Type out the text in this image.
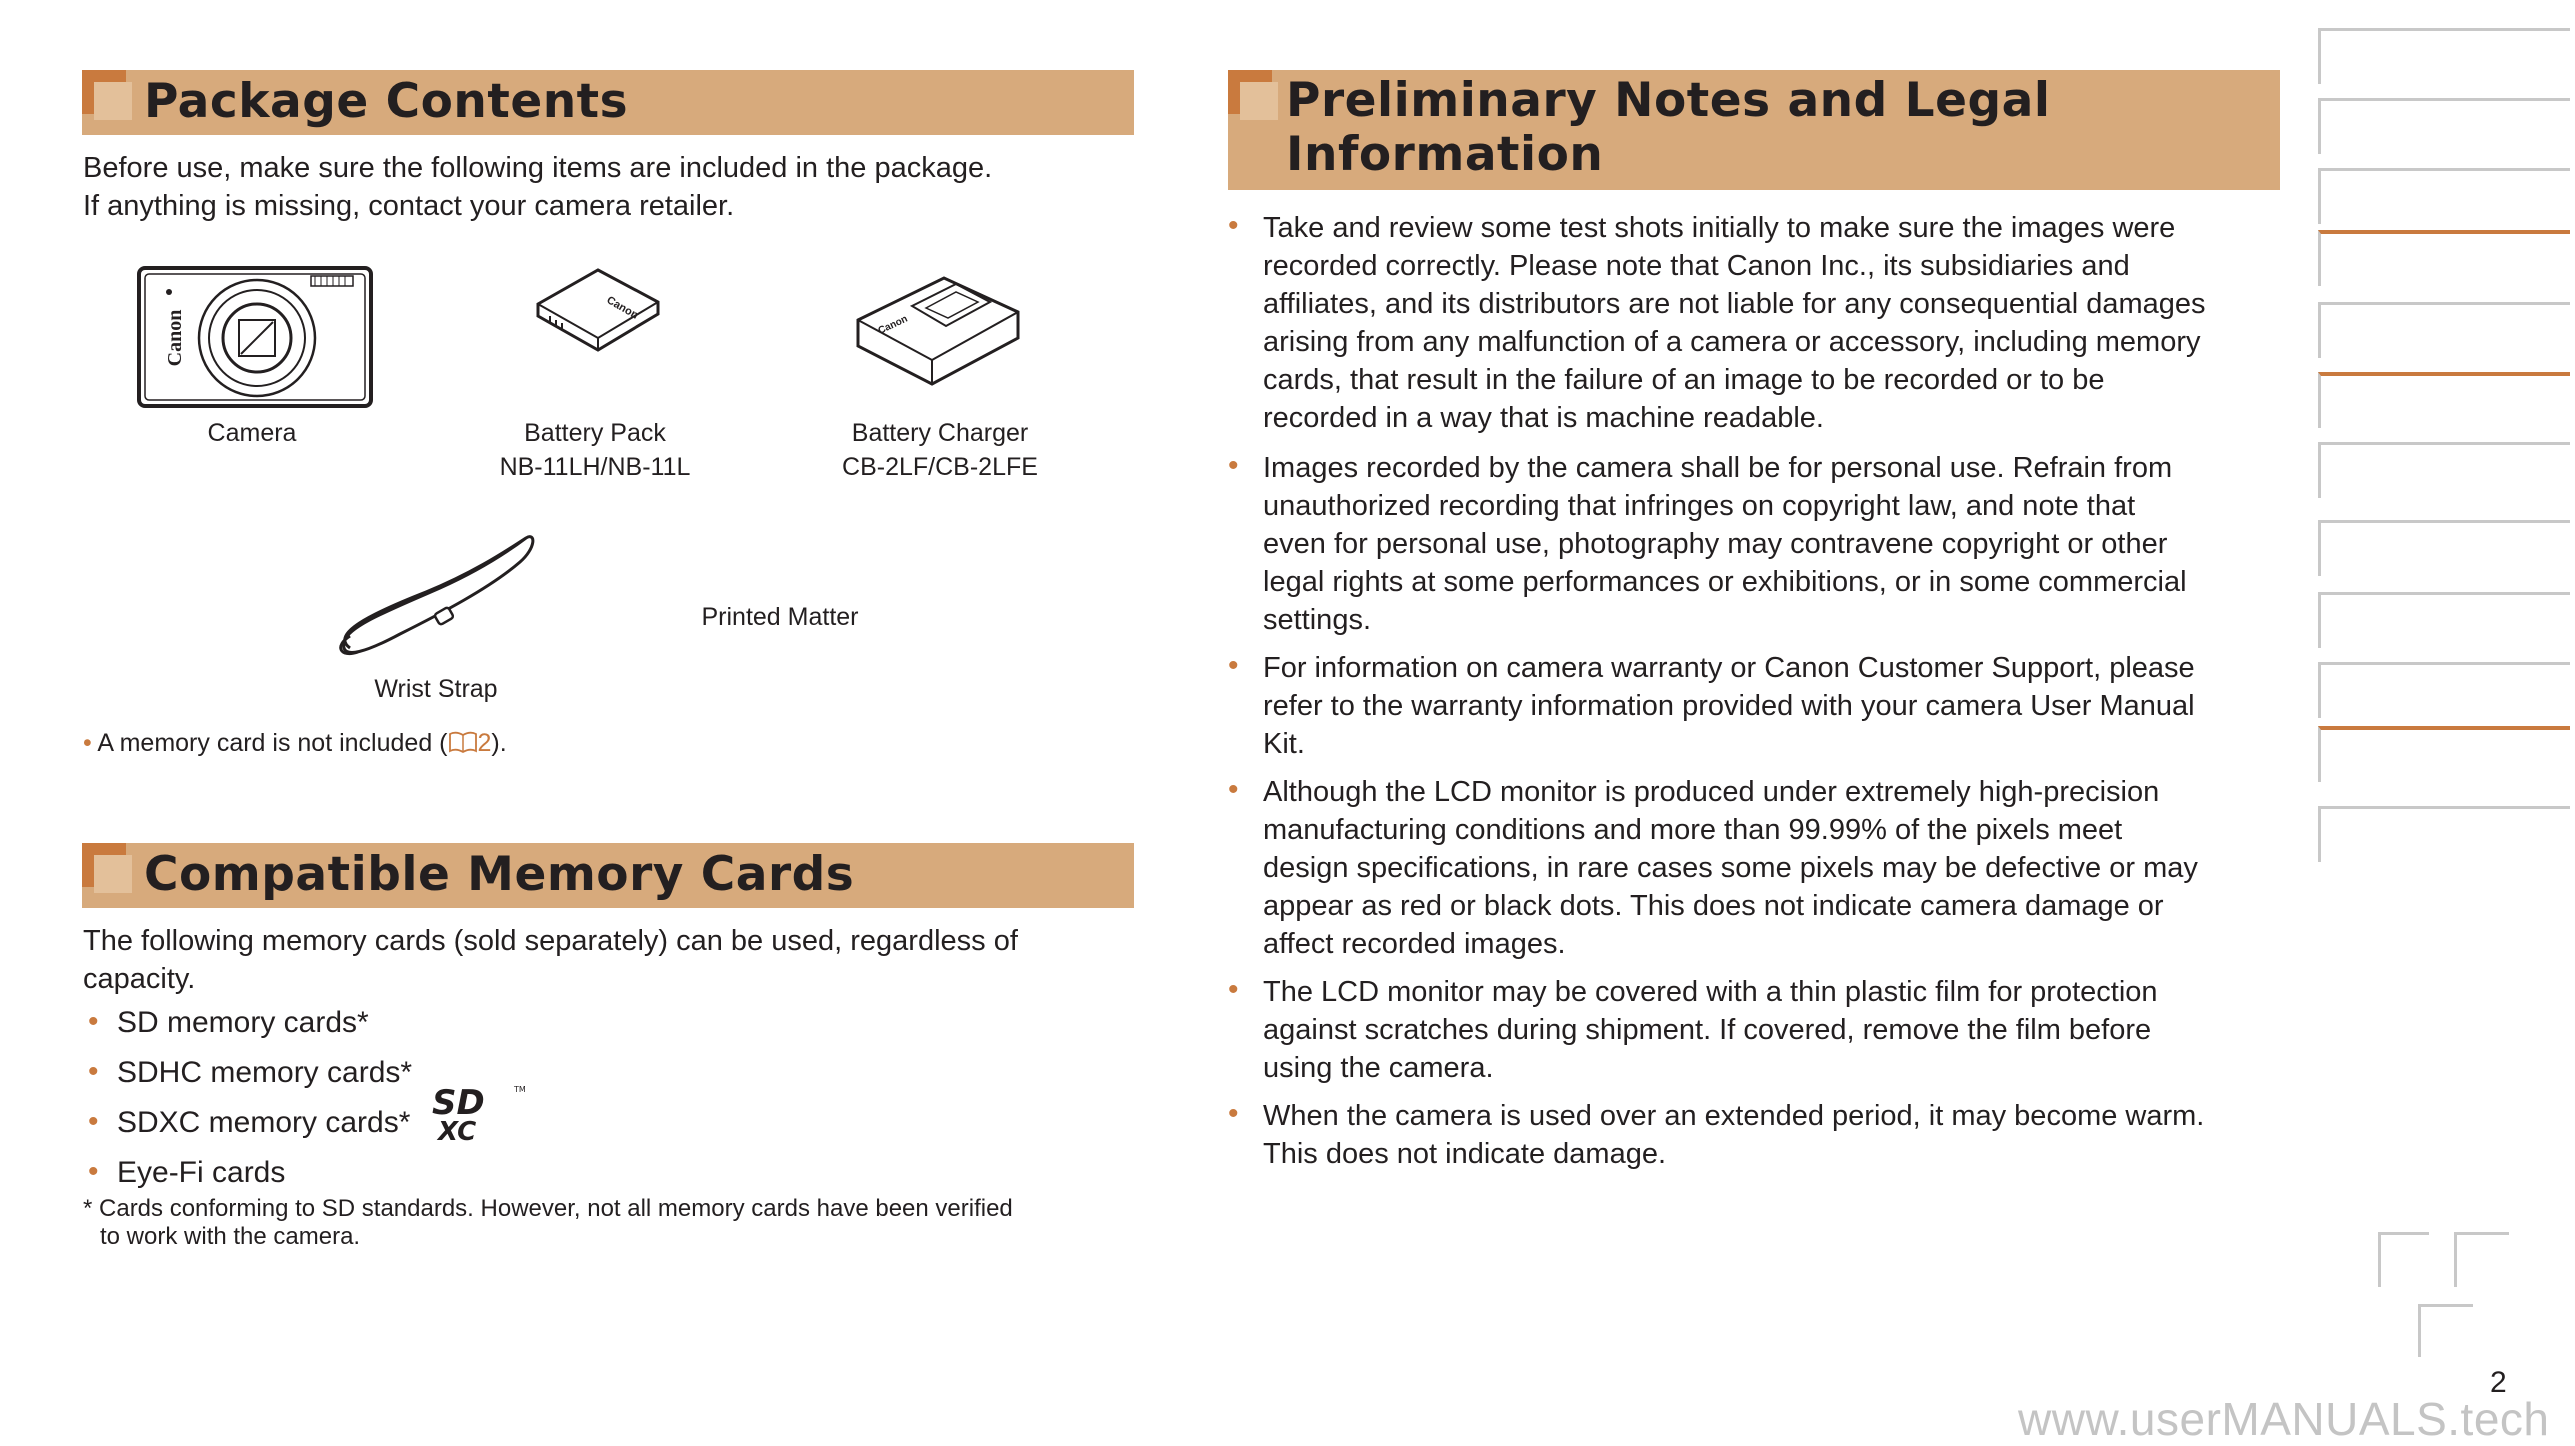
Package Contents
Before use, make sure the following items are included in the package.
If anything is missing, contact your camera retailer.
Canon
Camera
Canon
Battery Pack
NB-11LH/NB-11L
Canon
Battery Charger
CB-2LF/CB-2LFE
Wrist Strap
Printed Matter
• A memory card is not included ( 2).
Compatible Memory Cards
The following memory cards (sold separately) can be used, regardless of capacity.
• SD memory cards*
• SDHC memory cards*
• SDXC memory cards*
• Eye-Fi cards
SD
XC
TM
* Cards conforming to SD standards. However, not all memory cards have been verified
to work with the camera.
Preliminary Notes and Legal
Information
• Take and review some test shots initially to make sure the images were
recorded correctly. Please note that Canon Inc., its subsidiaries and
affiliates, and its distributors are not liable for any consequential damages
arising from any malfunction of a camera or accessory, including memory
cards, that result in the failure of an image to be recorded or to be
recorded in a way that is machine readable.
• Images recorded by the camera shall be for personal use. Refrain from
unauthorized recording that infringes on copyright law, and note that
even for personal use, photography may contravene copyright or other
legal rights at some performances or exhibitions, or in some commercial
settings.
• For information on camera warranty or Canon Customer Support, please
refer to the warranty information provided with your camera User Manual
Kit.
• Although the LCD monitor is produced under extremely high-precision
manufacturing conditions and more than 99.99% of the pixels meet
design specifications, in rare cases some pixels may be defective or may
appear as red or black dots. This does not indicate camera damage or
affect recorded images.
• The LCD monitor may be covered with a thin plastic film for protection
against scratches during shipment. If covered, remove the film before
using the camera.
• When the camera is used over an extended period, it may become warm.
This does not indicate damage.
2
www.userMANUALS.tech
